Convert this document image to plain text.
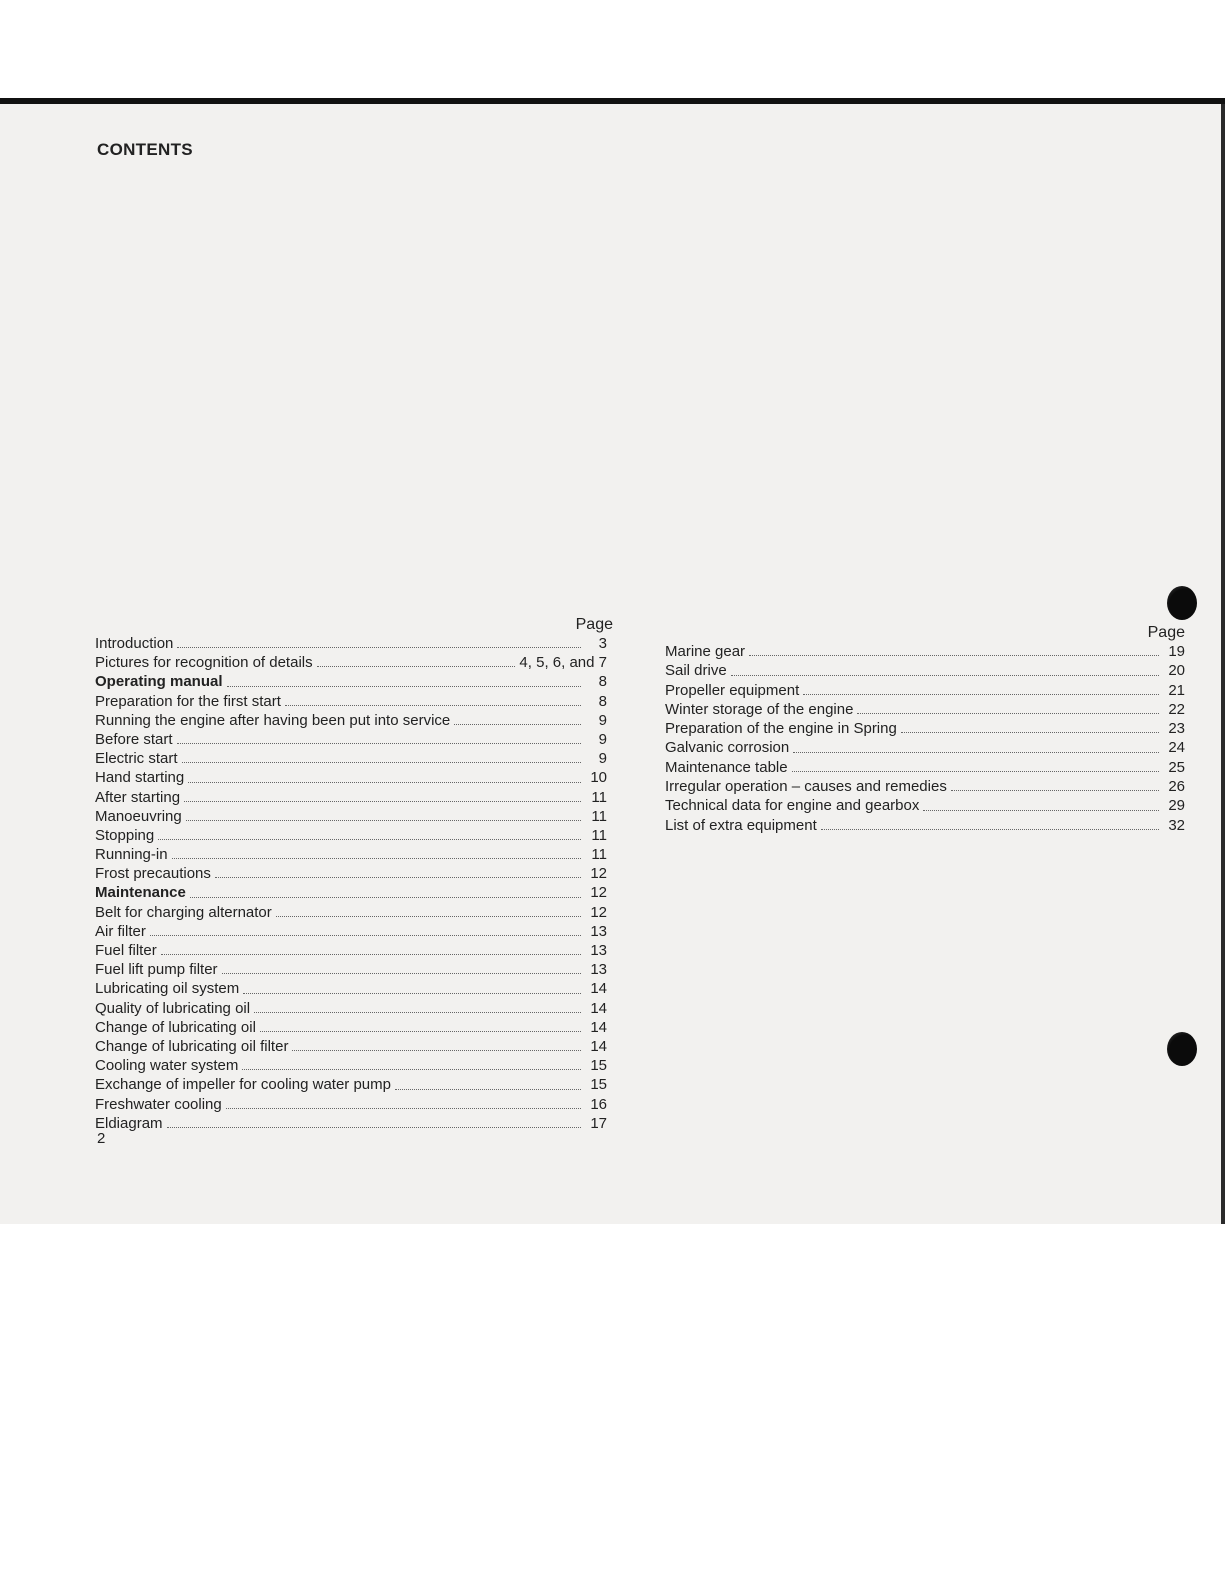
CONTENTS
Page
Introduction	3
Pictures for recognition of details	4, 5, 6, and 7
Operating manual	8
Preparation for the first start	8
Running the engine after having been put into service	9
Before start	9
Electric start	9
Hand starting	10
After starting	11
Manoeuvring	11
Stopping	11
Running-in	11
Frost precautions	12
Maintenance	12
Belt for charging alternator	12
Air filter	13
Fuel filter	13
Fuel lift pump filter	13
Lubricating oil system	14
Quality of lubricating oil	14
Change of lubricating oil	14
Change of lubricating oil filter	14
Cooling water system	15
Exchange of impeller for cooling water pump	15
Freshwater cooling	16
Eldiagram	17
Page
Marine gear	19
Sail drive	20
Propeller equipment	21
Winter storage of the engine	22
Preparation of the engine in Spring	23
Galvanic corrosion	24
Maintenance table	25
Irregular operation – causes and remedies	26
Technical data for engine and gearbox	29
List of extra equipment	32
2
